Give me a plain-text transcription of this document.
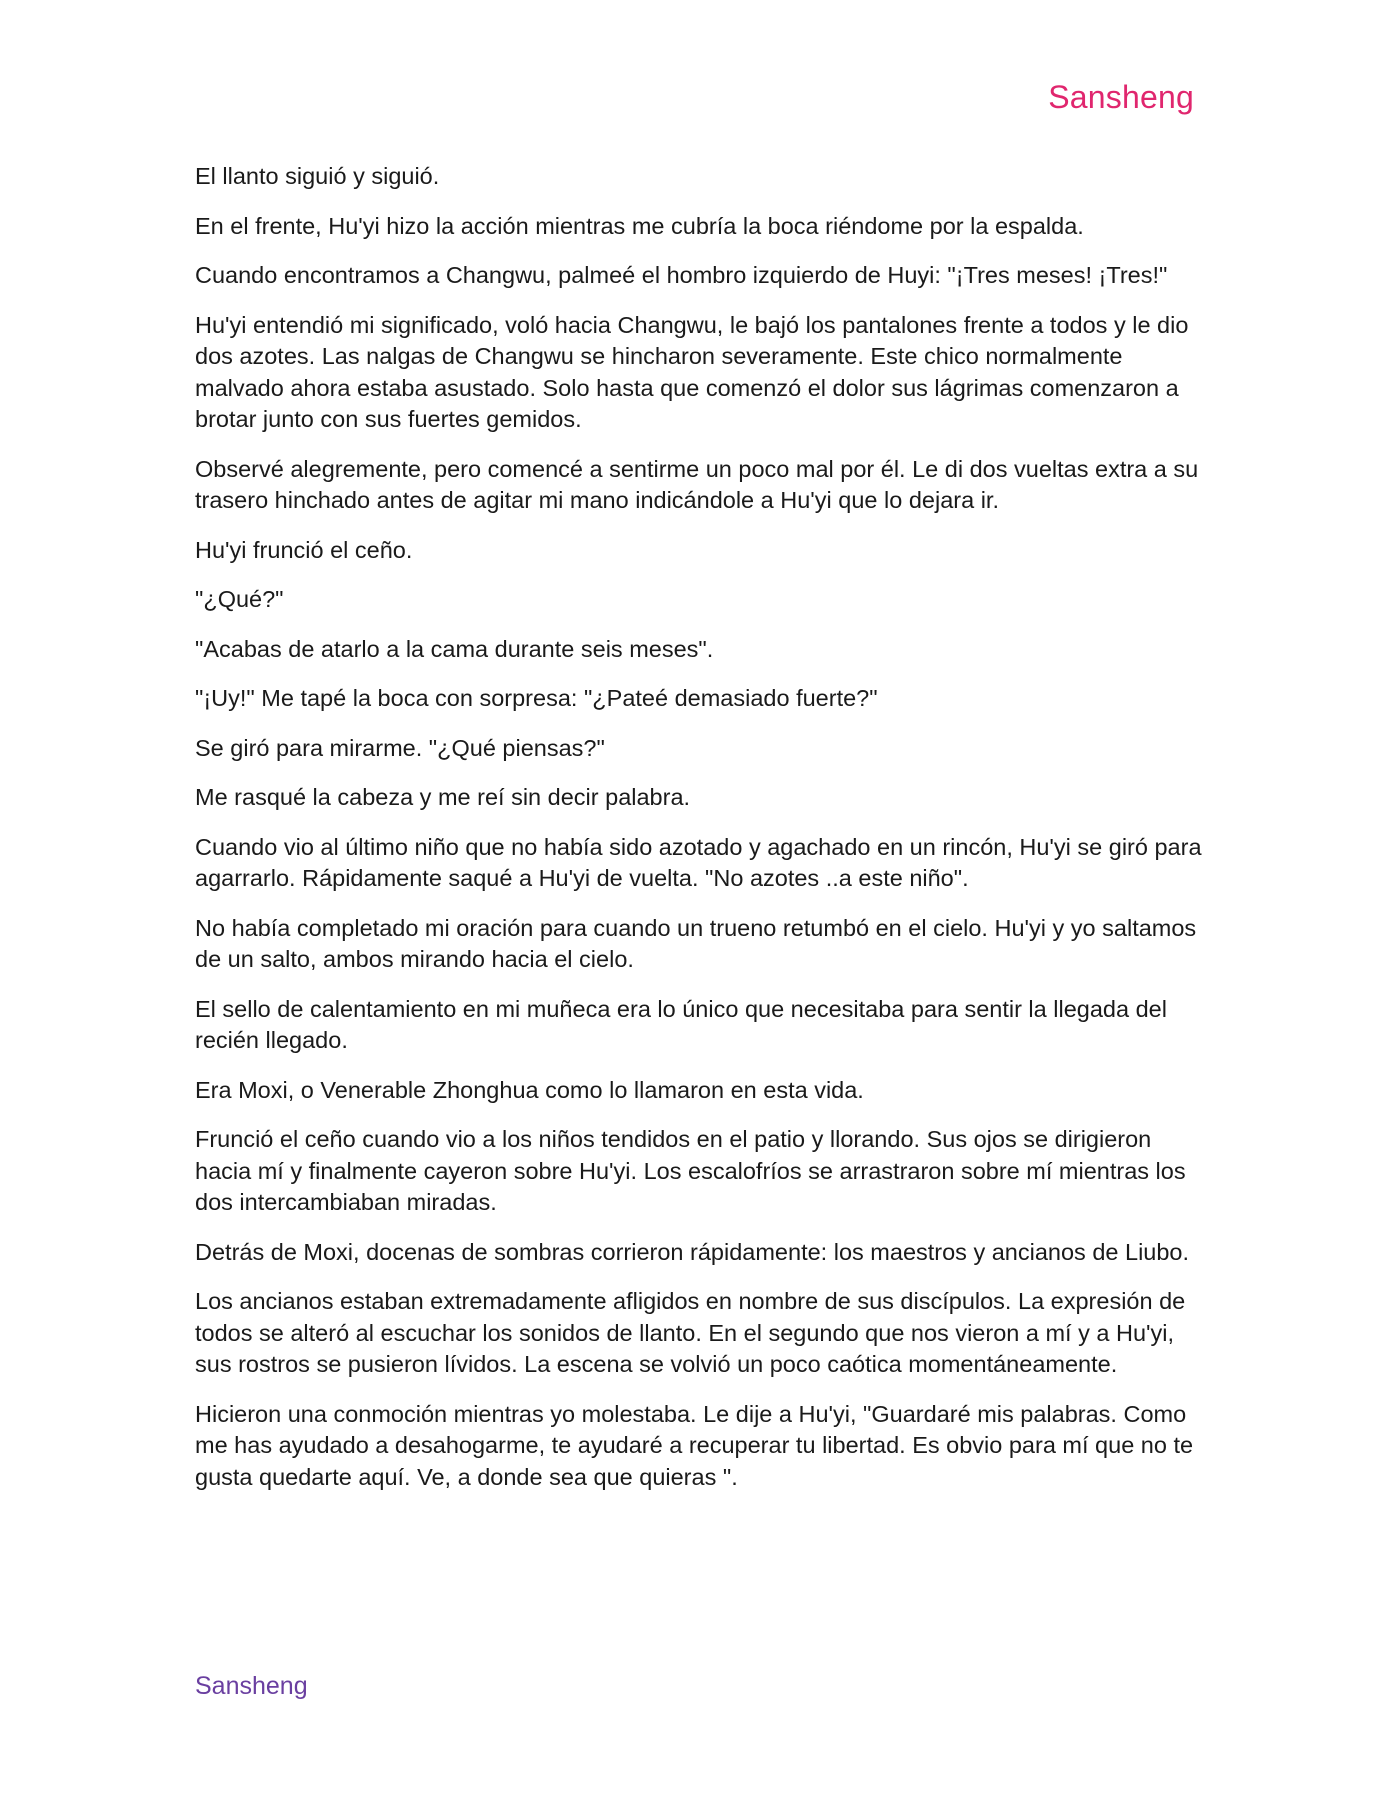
Sansheng

El llanto siguió y siguió.

En el frente, Hu'yi hizo la acción mientras me cubría la boca riéndome por la espalda.

Cuando encontramos a Changwu, palmeé el hombro izquierdo de Huyi: "¡Tres meses! ¡Tres!"

Hu'yi entendió mi significado, voló hacia Changwu, le bajó los pantalones frente a todos y le dio dos azotes. Las nalgas de Changwu se hincharon severamente. Este chico normalmente malvado ahora estaba asustado. Solo hasta que comenzó el dolor sus lágrimas comenzaron a brotar junto con sus fuertes gemidos.

Observé alegremente, pero comencé a sentirme un poco mal por él. Le di dos vueltas extra a su trasero hinchado antes de agitar mi mano indicándole a Hu'yi que lo dejara ir.

Hu'yi frunció el ceño.

"¿Qué?"

"Acabas de atarlo a la cama durante seis meses".

"¡Uy!" Me tapé la boca con sorpresa: "¿Pateé demasiado fuerte?"

Se giró para mirarme. "¿Qué piensas?"

Me rasqué la cabeza y me reí sin decir palabra.

Cuando vio al último niño que no había sido azotado y agachado en un rincón, Hu'yi se giró para agarrarlo. Rápidamente saqué a Hu'yi de vuelta. "No azotes ..a este niño".

No había completado mi oración para cuando un trueno retumbó en el cielo. Hu'yi y yo saltamos de un salto, ambos mirando hacia el cielo.

El sello de calentamiento en mi muñeca era lo único que necesitaba para sentir la llegada del recién llegado.

Era Moxi, o Venerable Zhonghua como lo llamaron en esta vida.

Frunció el ceño cuando vio a los niños tendidos en el patio y llorando. Sus ojos se dirigieron hacia mí y finalmente cayeron sobre Hu'yi. Los escalofríos se arrastraron sobre mí mientras los dos intercambiaban miradas.

Detrás de Moxi, docenas de sombras corrieron rápidamente: los maestros y ancianos de Liubo.

Los ancianos estaban extremadamente afligidos en nombre de sus discípulos. La expresión de todos se alteró al escuchar los sonidos de llanto. En el segundo que nos vieron a mí y a Hu'yi, sus rostros se pusieron lívidos. La escena se volvió un poco caótica momentáneamente.

Hicieron una conmoción mientras yo molestaba. Le dije a Hu'yi, "Guardaré mis palabras. Como me has ayudado a desahogarme, te ayudaré a recuperar tu libertad. Es obvio para mí que no te gusta quedarte aquí. Ve, a donde sea que quieras ".

Sansheng
